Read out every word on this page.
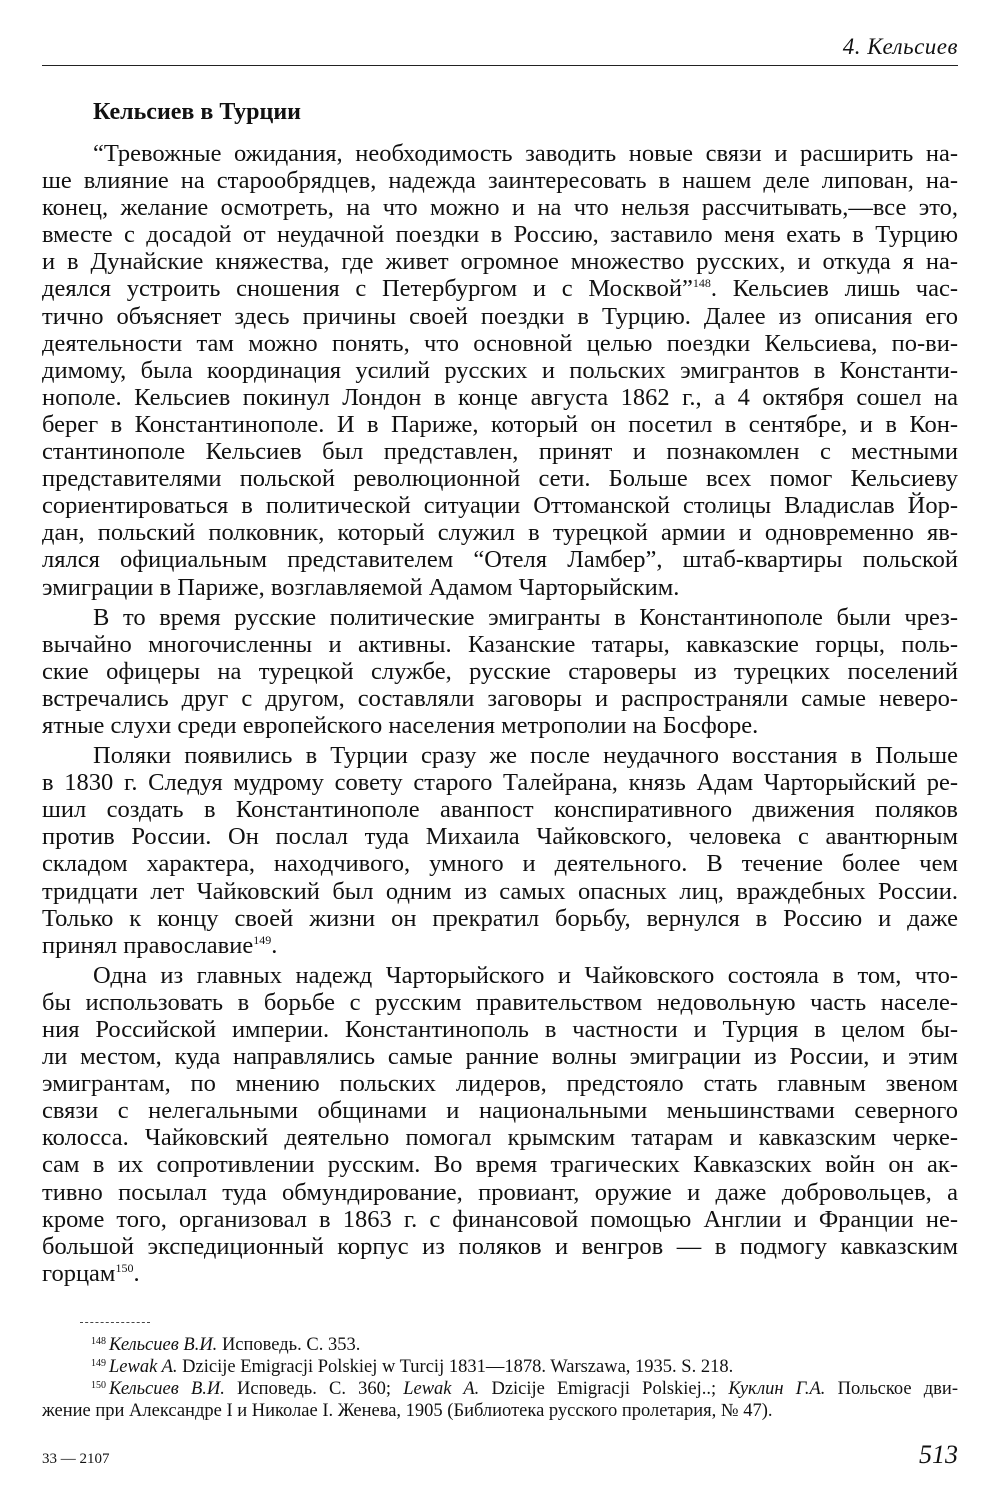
4. Кельсиев
Кельсиев в Турции
“Тревожные ожидания, необходимость заводить новые связи и расширить на-
ше влияние на старообрядцев, надежда заинтересовать в нашем деле липован, на-
конец, желание осмотреть, на что можно и на что нельзя рассчитывать,—все это,
вместе с досадой от неудачной поездки в Россию, заставило меня ехать в Турцию
и в Дунайские княжества, где живет огромное множество русских, и откуда я на-
деялся устроить сношения с Петербургом и с Москвой”$^{148}$. Кельсиев лишь час-
тично объясняет здесь причины своей поездки в Турцию. Далее из описания его
деятельности там можно понять, что основной целью поездки Кельсиева, по-ви-
димому, была координация усилий русских и польских эмигрантов в Константи-
нополе. Кельсиев покинул Лондон в конце августа 1862 г., а 4 октября сошел на
берег в Константинополе. И в Париже, который он посетил в сентябре, и в Кон-
стантинополе Кельсиев был представлен, принят и познакомлен с местными
представителями польской революционной сети. Больше всех помог Кельсиеву
сориентироваться в политической ситуации Оттоманской столицы Владислав Йор-
дан, польский полковник, который служил в турецкой армии и одновременно яв-
лялся официальным представителем “Отеля Ламбер”, штаб-квартиры польской
эмиграции в Париже, возглавляемой Адамом Чарторыйским.
В то время русские политические эмигранты в Константинополе были чрез-
вычайно многочисленны и активны. Казанские татары, кавказские горцы, поль-
ские офицеры на турецкой службе, русские староверы из турецких поселений
встречались друг с другом, составляли заговоры и распространяли самые неверо-
ятные слухи среди европейского населения метрополии на Босфоре.
Поляки появились в Турции сразу же после неудачного восстания в Польше
в 1830 г. Следуя мудрому совету старого Талейрана, князь Адам Чарторыйский ре-
шил создать в Константинополе аванпост конспиративного движения поляков
против России. Он послал туда Михаила Чайковского, человека с авантюрным
складом характера, находчивого, умного и деятельного. В течение более чем
тридцати лет Чайковский был одним из самых опасных лиц, враждебных России.
Только к концу своей жизни он прекратил борьбу, вернулся в Россию и даже
принял православие$^{149}$.
Одна из главных надежд Чарторыйского и Чайковского состояла в том, что-
бы использовать в борьбе с русским правительством недовольную часть населе-
ния Российской империи. Константинополь в частности и Турция в целом бы-
ли местом, куда направлялись самые ранние волны эмиграции из России, и этим
эмигрантам, по мнению польских лидеров, предстояло стать главным звеном
связи с нелегальными общинами и национальными меньшинствами северного
колосса. Чайковский деятельно помогал крымским татарам и кавказским черке-
сам в их сопротивлении русским. Во время трагических Кавказских войн он ак-
тивно посылал туда обмундирование, провиант, оружие и даже добровольцев, а
кроме того, организовал в 1863 г. с финансовой помощью Англии и Франции не-
большой экспедиционный корпус из поляков и венгров — в подмогу кавказским
горцам$^{150}$.
$^{148}$ Кельсиев В.И. Исповедь. С. 353.
$^{149}$ Lewak A. Dzicije Emigracji Polskiej w Turcij 1831—1878. Warszawa, 1935. S. 218.
$^{150}$ Кельсиев В.И. Исповедь. С. 360; Lewak A. Dzicije Emigracji Polskiej..; Куклин Г.А. Польское дви-
жение при Александре I и Николае I. Женева, 1905 (Библиотека русского пролетария, № 47).
33 — 2107	513
